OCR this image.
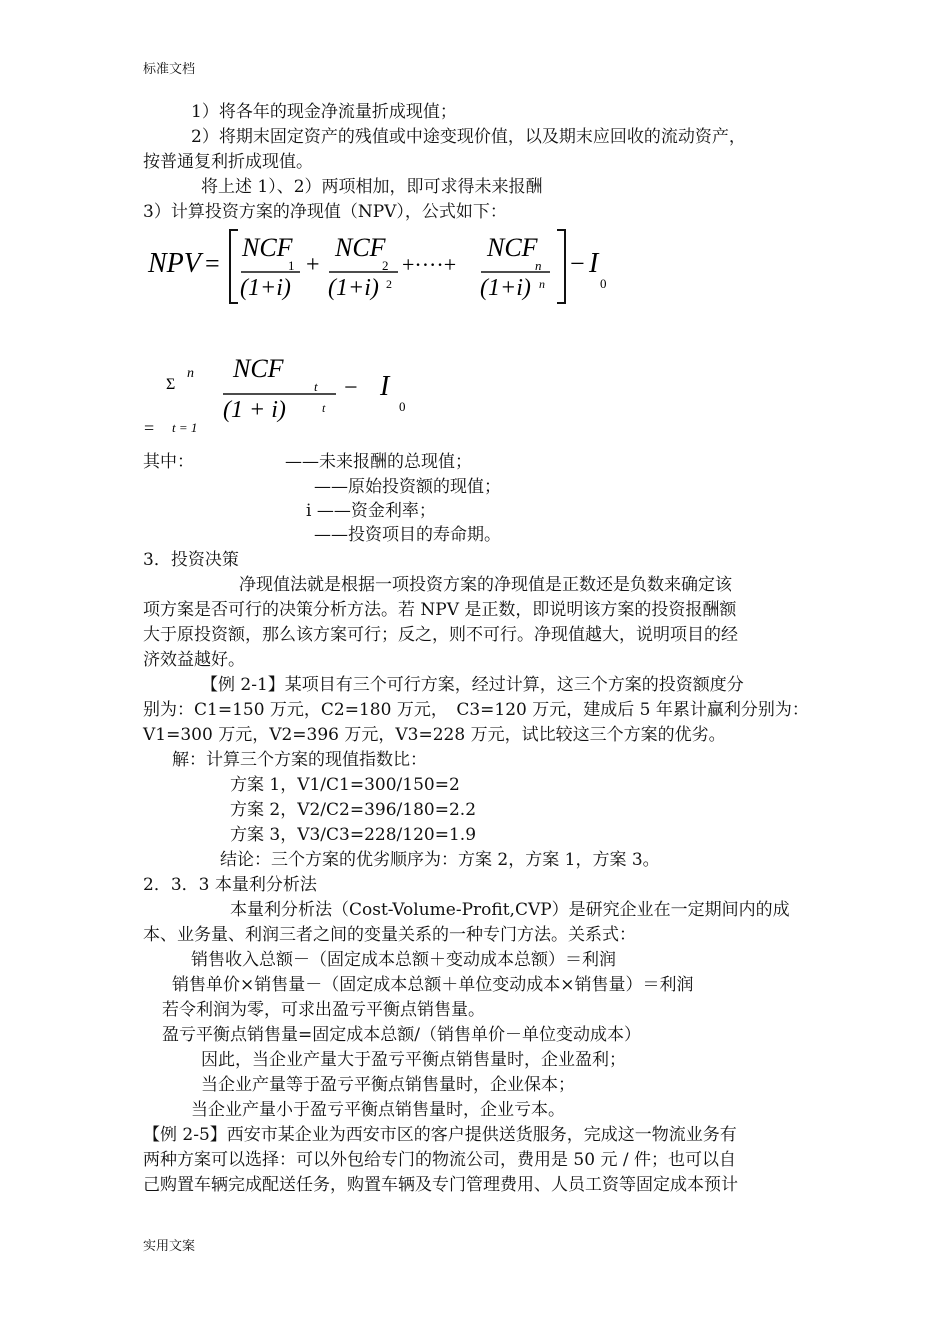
标准文档
1）将各年的现金净流量折成现值；
2）将期末固定资产的残值或中途变现价值，以及期末应回收的流动资产，
按普通复利折成现值。
将上述 1）、2）两项相加，即可求得未来报酬
3）计算投资方案的净现值（NPV），公式如下：
NPV =
NCF
1
(1+i)
+
NCF
2
(1+i) 2
+····+
NCF
n
(1+i) n
− I
0
Σ
n
= t = 1
NCF
t
(1 + i)	t
− I
0
其中：	——未来报酬的总现值；
——原始投资额的现值；
i ——资金利率；
——投资项目的寿命期。
3．投资决策
净现值法就是根据一项投资方案的净现值是正数还是负数来确定该
项方案是否可行的决策分析方法。若 NPV 是正数，即说明该方案的投资报酬额
大于原投资额，那么该方案可行；反之，则不可行。净现值越大，说明项目的经
济效益越好。
【例 2-1】某项目有三个可行方案，经过计算，这三个方案的投资额度分
别为：C1=150 万元，C2=180 万元，　C3=120 万元，建成后 5 年累计赢利分别为：
V1=300 万元，V2=396 万元，V3=228 万元，试比较这三个方案的优劣。
解：计算三个方案的现值指数比：
方案 1，V1/C1=300/150=2
方案 2，V2/C2=396/180=2.2
方案 3，V3/C3=228/120=1.9
结论：三个方案的优劣顺序为：方案 2，方案 1，方案 3。
2．3．3 本量利分析法
本量利分析法（Cost-Volume-Profit,CVP）是研究企业在一定期间内的成
本、业务量、利润三者之间的变量关系的一种专门方法。关系式：
销售收入总额－（固定成本总额＋变动成本总额）＝利润
销售单价×销售量－（固定成本总额＋单位变动成本×销售量）＝利润
若令利润为零，可求出盈亏平衡点销售量。
盈亏平衡点销售量=固定成本总额/（销售单价－单位变动成本）
因此，当企业产量大于盈亏平衡点销售量时，企业盈利；
当企业产量等于盈亏平衡点销售量时，企业保本；
当企业产量小于盈亏平衡点销售量时，企业亏本。
【例 2-5】西安市某企业为西安市区的客户提供送货服务，完成这一物流业务有
两种方案可以选择：可以外包给专门的物流公司，费用是 50 元 / 件；也可以自
己购置车辆完成配送任务，购置车辆及专门管理费用、人员工资等固定成本预计
实用文案
